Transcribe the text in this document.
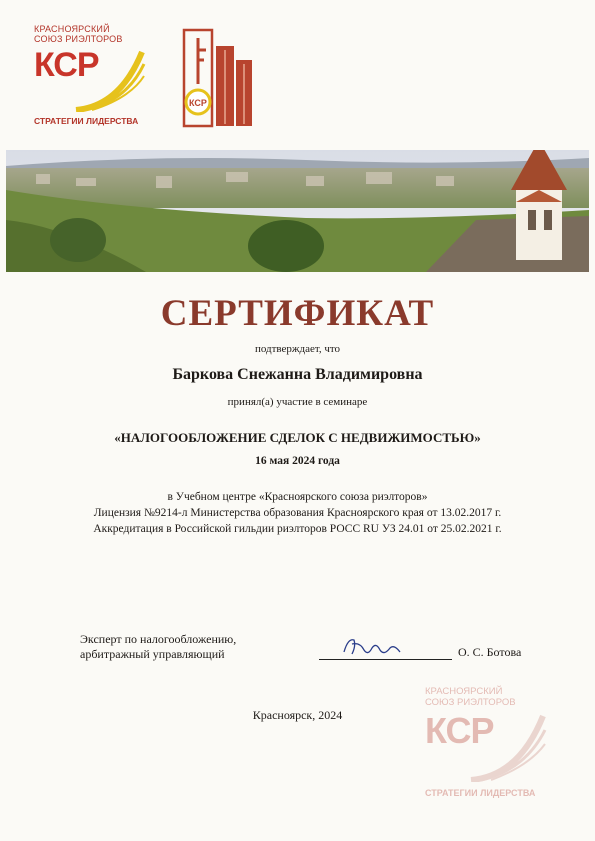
КРАСНОЯРСКИЙ
СОЮЗ РИЭЛТОРОВ
КСР
СТРАТЕГИИ ЛИДЕРСТВА
КСР
СЕРТИФИКАТ
подтверждает, что
Баркова Снежанна Владимировна
принял(а) участие в семинаре
«НАЛОГООБЛОЖЕНИЕ СДЕЛОК С НЕДВИЖИМОСТЬЮ»
16 мая 2024 года
в Учебном центре «Красноярского союза риэлторов»
Лицензия №9214-л Министерства образования Красноярского края от 13.02.2017 г.
Аккредитация в Российской гильдии риэлторов РОСС RU УЗ 24.01 от 25.02.2021 г.
Эксперт по налогообложению,
арбитражный управляющий	О. С. Ботова
Красноярск, 2024
КРАСНОЯРСКИЙ
СОЮЗ РИЭЛТОРОВ
КСР
СТРАТЕГИИ ЛИДЕРСТВА
